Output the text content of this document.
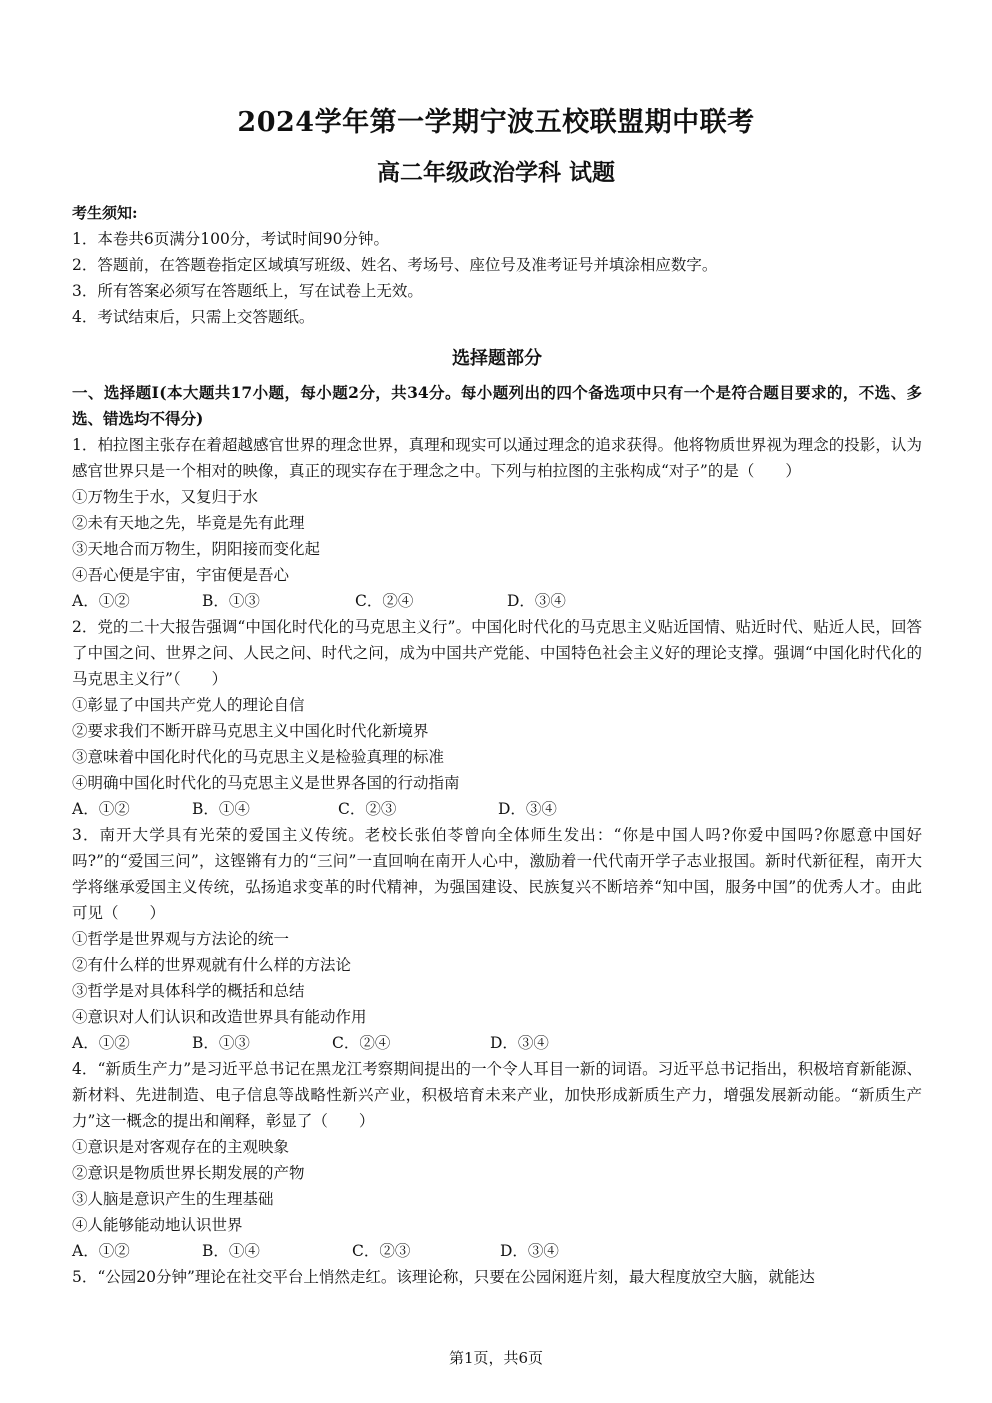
2024学年第一学期宁波五校联盟期中联考
高二年级政治学科 试题
考生须知:
1．本卷共6页满分100分，考试时间90分钟。
2．答题前，在答题卷指定区域填写班级、姓名、考场号、座位号及准考证号并填涂相应数字。
3．所有答案必须写在答题纸上，写在试卷上无效。
4．考试结束后，只需上交答题纸。
选择题部分
一、选择题Ⅰ(本大题共17小题，每小题2分，共34分。每小题列出的四个备选项中只有一个是符合题目要求的，不选、多选、错选均不得分)
1．柏拉图主张存在着超越感官世界的理念世界，真理和现实可以通过理念的追求获得。他将物质世界视为理念的投影，认为感官世界只是一个相对的映像，真正的现实存在于理念之中。下列与柏拉图的主张构成“对子”的是（　　）
①万物生于水，又复归于水
②未有天地之先，毕竟是先有此理
③天地合而万物生，阴阳接而变化起
④吾心便是宇宙，宇宙便是吾心
A．①②	B．①③	C．②④	D．③④
2．党的二十大报告强调“中国化时代化的马克思主义行”。中国化时代化的马克思主义贴近国情、贴近时代、贴近人民，回答了中国之问、世界之问、人民之问、时代之问，成为中国共产党能、中国特色社会主义好的理论支撑。强调“中国化时代化的马克思主义行”（　　）
①彰显了中国共产党人的理论自信
②要求我们不断开辟马克思主义中国化时代化新境界
③意味着中国化时代化的马克思主义是检验真理的标准
④明确中国化时代化的马克思主义是世界各国的行动指南
A．①②	B．①④	C．②③	D．③④
3．南开大学具有光荣的爱国主义传统。老校长张伯苓曾向全体师生发出：“你是中国人吗?你爱中国吗?你愿意中国好吗?”的“爱国三问”，这铿锵有力的“三问”一直回响在南开人心中，激励着一代代南开学子志业报国。新时代新征程，南开大学将继承爱国主义传统，弘扬追求变革的时代精神，为强国建设、民族复兴不断培养“知中国，服务中国”的优秀人才。由此可见（　　）
①哲学是世界观与方法论的统一
②有什么样的世界观就有什么样的方法论
③哲学是对具体科学的概括和总结
④意识对人们认识和改造世界具有能动作用
A．①②	B．①③	C．②④	D．③④
4．“新质生产力”是习近平总书记在黑龙江考察期间提出的一个令人耳目一新的词语。习近平总书记指出，积极培育新能源、新材料、先进制造、电子信息等战略性新兴产业，积极培育未来产业，加快形成新质生产力，增强发展新动能。“新质生产力”这一概念的提出和阐释，彰显了（　　）
①意识是对客观存在的主观映象
②意识是物质世界长期发展的产物
③人脑是意识产生的生理基础
④人能够能动地认识世界
A．①②	B．①④	C．②③	D．③④
5．“公园20分钟”理论在社交平台上悄然走红。该理论称，只要在公园闲逛片刻，最大程度放空大脑，就能达
第1页，共6页
